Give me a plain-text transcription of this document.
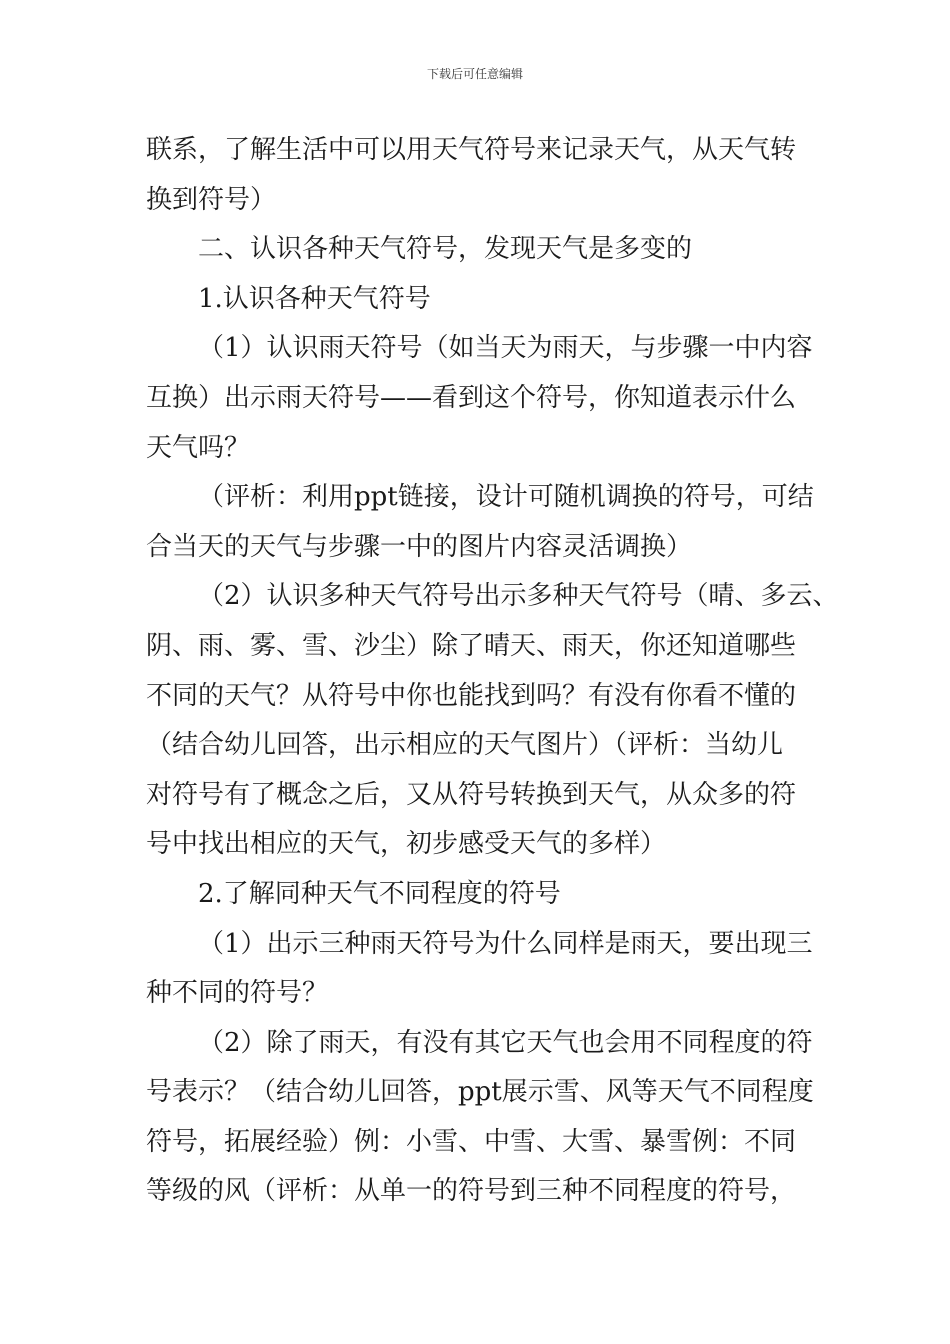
下载后可任意编辑

联系，了解生活中可以用天气符号来记录天气，从天气转

换到符号）

二、认识各种天气符号，发现天气是多变的

1.认识各种天气符号

（1）认识雨天符号（如当天为雨天，与步骤一中内容

互换）出示雨天符号——看到这个符号，你知道表示什么

天气吗？

（评析：利用ppt链接，设计可随机调换的符号，可结

合当天的天气与步骤一中的图片内容灵活调换）

（2）认识多种天气符号出示多种天气符号（晴、多云、

阴、雨、雾、雪、沙尘）除了晴天、雨天，你还知道哪些

不同的天气？从符号中你也能找到吗？有没有你看不懂的

（结合幼儿回答，出示相应的天气图片）（评析：当幼儿

对符号有了概念之后，又从符号转换到天气，从众多的符

号中找出相应的天气，初步感受天气的多样）

2.了解同种天气不同程度的符号

（1）出示三种雨天符号为什么同样是雨天，要出现三

种不同的符号？

（2）除了雨天，有没有其它天气也会用不同程度的符

号表示？（结合幼儿回答，ppt展示雪、风等天气不同程度

符号，拓展经验）例：小雪、中雪、大雪、暴雪例：不同

等级的风（评析：从单一的符号到三种不同程度的符号，
